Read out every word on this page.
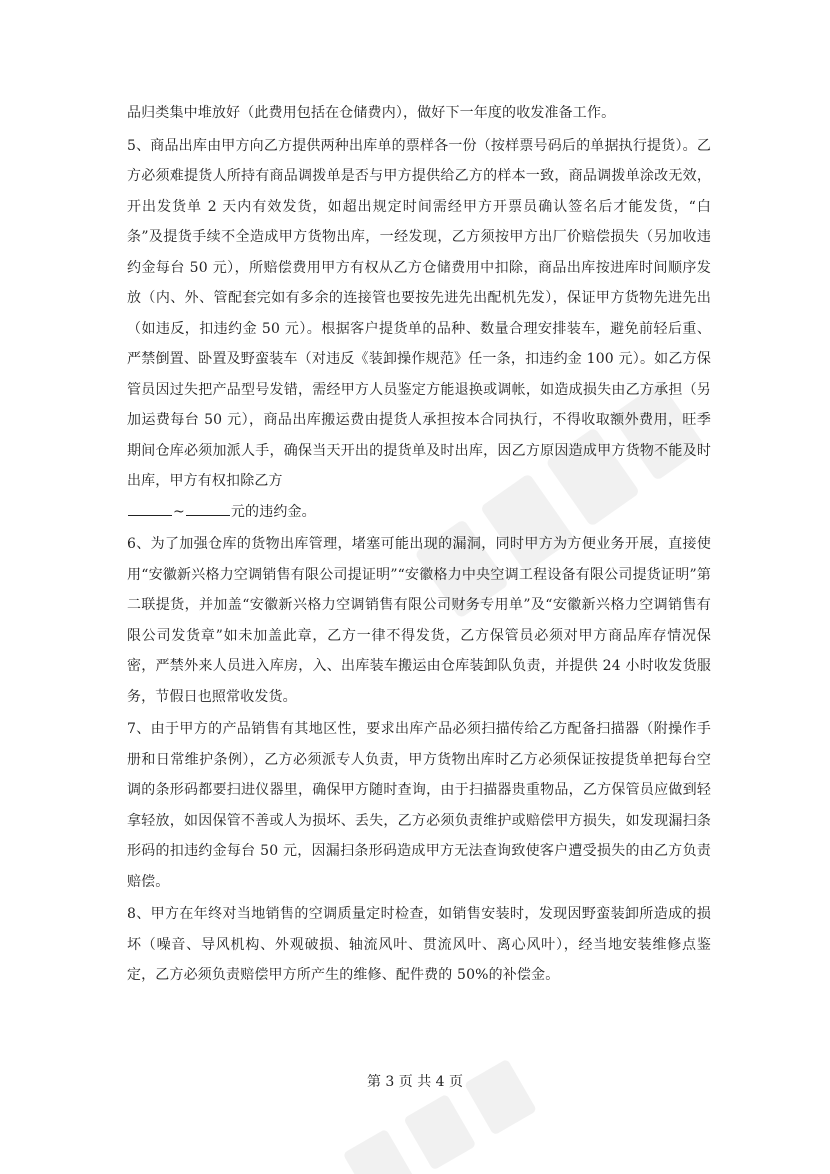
品归类集中堆放好（此费用包括在仓储费内），做好下一年度的收发准备工作。

5、商品出库由甲方向乙方提供两种出库单的票样各一份（按样票号码后的单据执行提货）。乙方必须难提货人所持有商品调拨单是否与甲方提供给乙方的样本一致，商品调拨单涂改无效，开出发货单 2 天内有效发货，如超出规定时间需经甲方开票员确认签名后才能发货，“白条”及提货手续不全造成甲方货物出库，一经发现，乙方须按甲方出厂价赔偿损失（另加收违约金每台 50 元），所赔偿费用甲方有权从乙方仓储费用中扣除，商品出库按进库时间顺序发放（内、外、管配套完如有多余的连接管也要按先进先出配机先发），保证甲方货物先进先出（如违反，扣违约金 50 元）。根据客户提货单的品种、数量合理安排装车，避免前轻后重、严禁倒置、卧置及野蛮装车（对违反《装卸操作规范》任一条，扣违约金 100 元）。如乙方保管员因过失把产品型号发错，需经甲方人员鉴定方能退换或调帐，如造成损失由乙方承担（另加运费每台 50 元），商品出库搬运费由提货人承担按本合同执行，不得收取额外费用，旺季期间仓库必须加派人手，确保当天开出的提货单及时出库，因乙方原因造成甲方货物不能及时出库，甲方有权扣除乙方
~	元的违约金。

6、为了加强仓库的货物出库管理，堵塞可能出现的漏洞，同时甲方为方便业务开展，直接使用“安徽新兴格力空调销售有限公司提证明”“安徽格力中央空调工程设备有限公司提货证明”第二联提货，并加盖“安徽新兴格力空调销售有限公司财务专用单”及“安徽新兴格力空调销售有限公司发货章”如未加盖此章，乙方一律不得发货，乙方保管员必须对甲方商品库存情况保密，严禁外来人员进入库房，入、出库装车搬运由仓库装卸队负责，并提供 24 小时收发货服务，节假日也照常收发货。

7、由于甲方的产品销售有其地区性，要求出库产品必须扫描传给乙方配备扫描器（附操作手册和日常维护条例），乙方必须派专人负责，甲方货物出库时乙方必须保证按提货单把每台空调的条形码都要扫进仪器里，确保甲方随时查询，由于扫描器贵重物品，乙方保管员应做到轻拿轻放，如因保管不善或人为损坏、丢失，乙方必须负责维护或赔偿甲方损失，如发现漏扫条形码的扣违约金每台 50 元，因漏扫条形码造成甲方无法查询致使客户遭受损失的由乙方负责赔偿。

8、甲方在年终对当地销售的空调质量定时检查，如销售安装时，发现因野蛮装卸所造成的损坏（噪音、导风机构、外观破损、轴流风叶、贯流风叶、离心风叶），经当地安装维修点鉴定，乙方必须负责赔偿甲方所产生的维修、配件费的 50%的补偿金。

第 3 页 共 4 页
